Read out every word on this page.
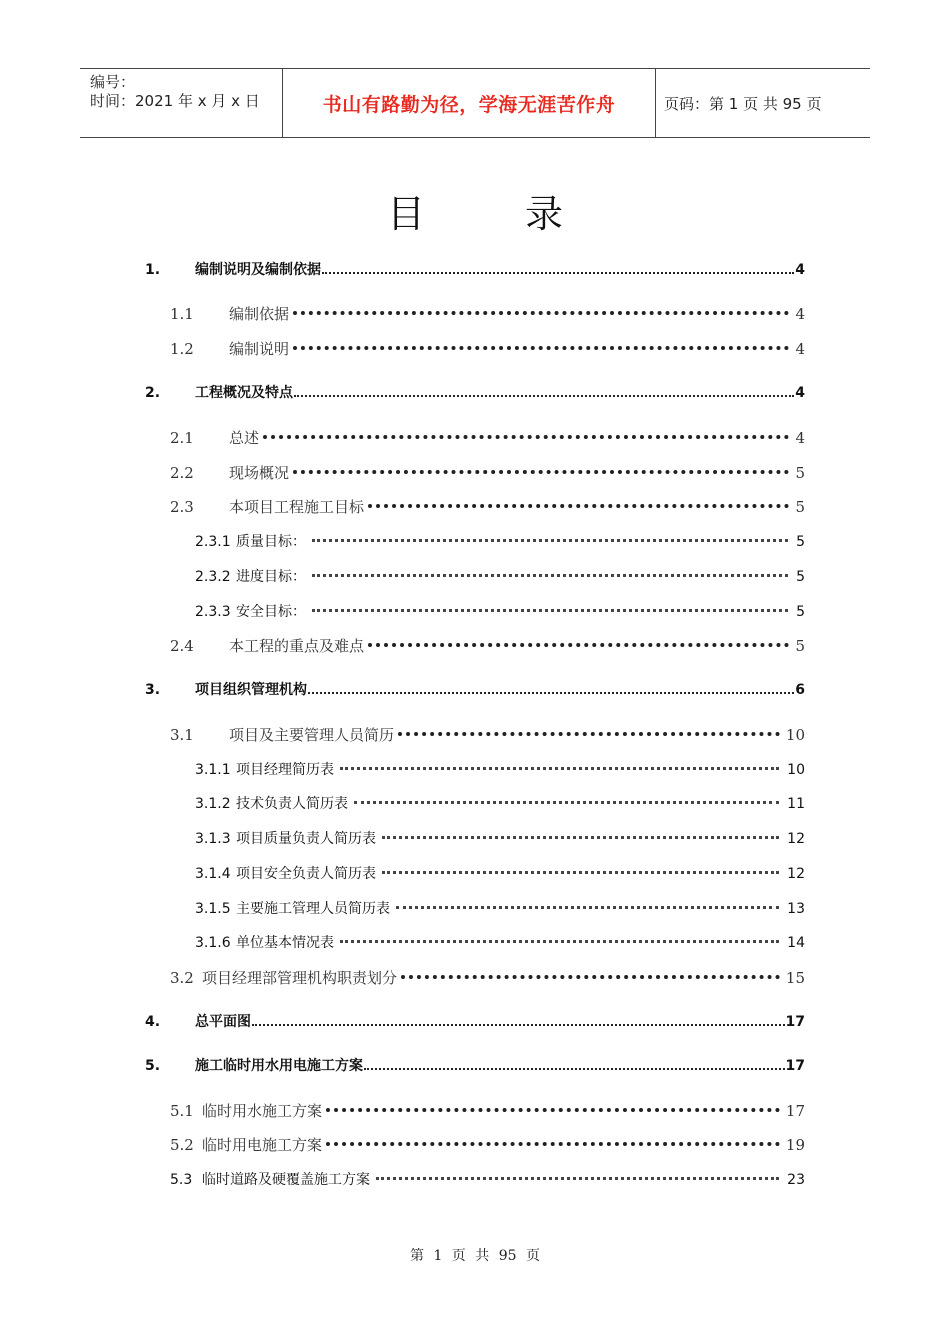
编号：
时间：2021 年 x 月 x 日	书山有路勤为径，学海无涯苦作舟	页码：第 1 页 共 95 页
目录
1. 编制说明及编制依据	4
1.1 编制依据	4
1.2 编制说明	4
2. 工程概况及特点	4
2.1 总述	4
2.2 现场概况	5
2.3 本项目工程施工目标	5
2.3.1 质量目标：	5
2.3.2 进度目标：	5
2.3.3 安全目标：	5
2.4 本工程的重点及难点	5
3. 项目组织管理机构	6
3.1 项目及主要管理人员简历	10
3.1.1 项目经理简历表	10
3.1.2 技术负责人简历表	11
3.1.3 项目质量负责人简历表	12
3.1.4 项目安全负责人简历表	12
3.1.5 主要施工管理人员简历表	13
3.1.6 单位基本情况表	14
3.2 项目经理部管理机构职责划分	15
4. 总平面图	17
5. 施工临时用水用电施工方案	17
5.1 临时用水施工方案	17
5.2 临时用电施工方案	19
5.3 临时道路及硬覆盖施工方案	23
第 1 页 共 95 页
